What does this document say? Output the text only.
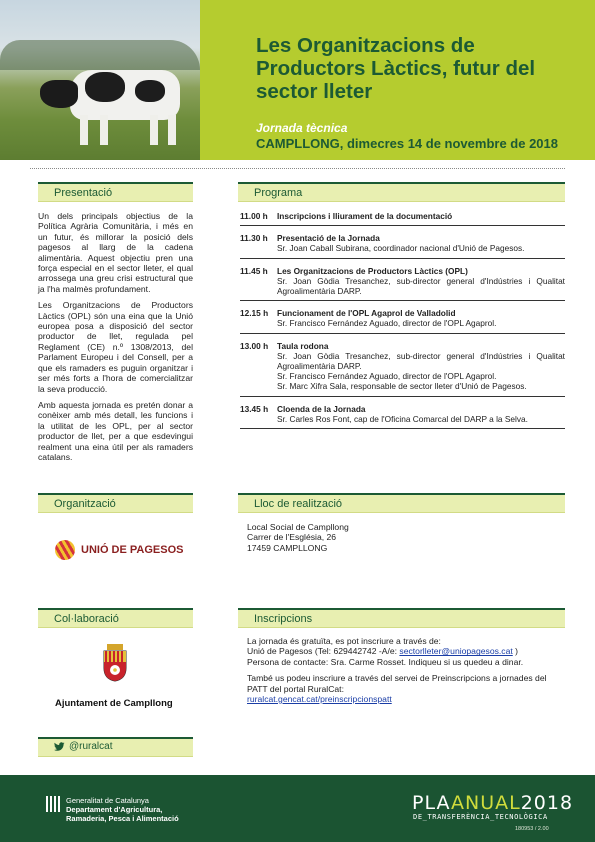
Les Organitzacions de Productors Làctics, futur del sector lleter
Jornada tècnica
CAMPLLONG, dimecres 14 de novembre de 2018
Presentació

Un dels principals objectius de la Política Agrària Comunitària, i més en un futur, és millorar la posició dels pagesos al llarg de la cadena alimentària. Aquest objectiu pren una força especial en el sector lleter, el qual arrossega una greu crisi estructural que ja l'ha malmès profundament.

Les Organitzacions de Productors Làctics (OPL) són una eina que la Unió europea posa a disposició del sector productor de llet, regulada pel Reglament (CE) n.º 1308/2013, del Parlament Europeu i del Consell, per a que els ramaders es puguin organitzar i ser més forts a l'hora de comercialitzar la seva producció.

Amb aquesta jornada es pretén donar a conèixer amb més detall, les funcions i la utilitat de les OPL, per al sector productor de llet, per a que esdevingui realment una eina útil per als ramaders catalans.

Programa
11.00 h	Inscripcions i lliurament de la documentació
11.30 h	Presentació de la Jornada
Sr. Joan Caball Subirana, coordinador nacional d'Unió de Pagesos.
11.45 h	Les Organitzacions de Productors Làctics (OPL)
Sr. Joan Gòdia Tresanchez, sub-director general d'Indústries i Qualitat Agroalimentària DARP.
12.15 h	Funcionament de l'OPL Agaprol de Valladolid
Sr. Francisco Fernández Aguado, director de l'OPL Agaprol.
13.00 h	Taula rodona
Sr. Joan Gòdia Tresanchez, sub-director general d'Indústries i Qualitat Agroalimentària DARP.
Sr. Francisco Fernández Aguado, director de l'OPL Agaprol.
Sr. Marc Xifra Sala, responsable de sector lleter d'Unió de Pagesos.
13.45 h	Cloenda de la Jornada
Sr. Carles Ros Font, cap de l'Oficina Comarcal del DARP a la Selva.
Organització
UNIÓ DE PAGESOS
Lloc de realització
Local Social de Campllong
Carrer de l'Església, 26
17459 CAMPLLONG
Col·laboració
Ajuntament de Campllong
Inscripcions
La jornada és gratuïta, es pot inscriure a través de:
Unió de Pagesos (Tel: 629442742 -A/e: sectorlleter@uniopagesos.cat )
Persona de contacte: Sra. Carme Rosset. Indiqueu si us quedeu a dinar.
També us podeu inscriure a través del servei de Preinscripcions a jornades del PATT del portal RuralCat:
ruralcat.gencat.cat/preinscripcionspatt
@ruralcat
Generalitat de Catalunya
Departament d'Agricultura,
Ramaderia, Pesca i Alimentació
PLAANUAL2018
DE_TRANSFERÈNCIA_TECNOLÒGICA
180953 / 2.00
